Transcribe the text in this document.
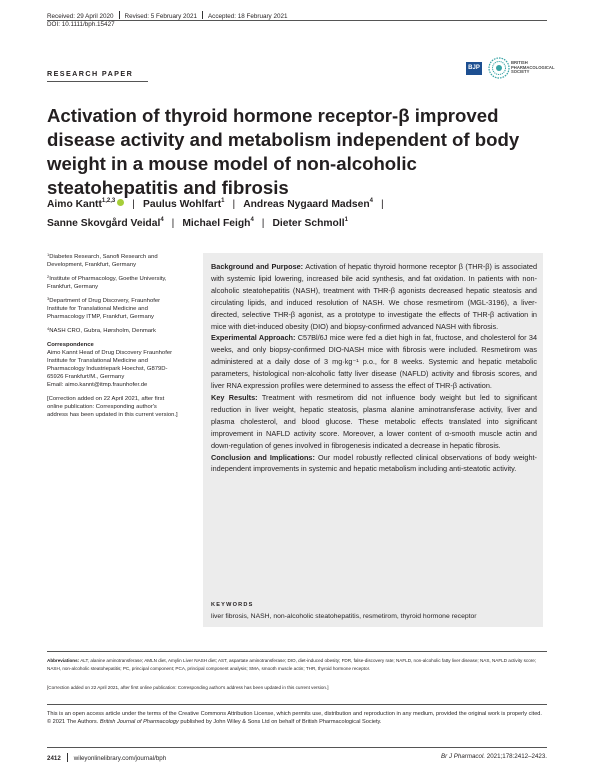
Received: 29 April 2020 Revised: 5 February 2021 Accepted: 18 February 2021
DOI: 10.1111/bph.15427
RESEARCH PAPER
BJP
BRITISH PHARMACOLOGICAL SOCIETY
Activation of thyroid hormone receptor-β improved disease activity and metabolism independent of body weight in a mouse model of non-alcoholic steatohepatitis and fibrosis
Aimo Kantt$^{1,2,3}$ | Paulus Wohlfart$^1$ | Andreas Nygaard Madsen$^4$ |
Sanne Skovgård Veidal$^4$ | Michael Feigh$^4$ | Dieter Schmoll$^1$

$^1$Diabetes Research, Sanofi Research and Development, Frankfurt, Germany

$^2$Institute of Pharmacology, Goethe University, Frankfurt, Germany

$^3$Department of Drug Discovery, Fraunhofer Institute for Translational Medicine and Pharmacology ITMP, Frankfurt, Germany

$^4$NASH CRO, Gubra, Hørsholm, Denmark

Correspondence

Aimo Kannt Head of Drug Discovery Fraunhofer Institute for Translational Medicine and Pharmacology Industriepark Hoechst, G879D-65926 Frankfurt/M., Germany

Email: aimo.kannt@itmp.fraunhofer.de

[Correction added on 22 April 2021, after first online publication: Corresponding author's address has been updated in this current version.]

Background and Purpose: Activation of hepatic thyroid hormone receptor β (THR-β) is associated with systemic lipid lowering, increased bile acid synthesis, and fat oxidation. In patients with non-alcoholic steatohepatitis (NASH), treatment with THR-β agonists decreased hepatic steatosis and circulating lipids, and induced resolution of NASH. We chose resmetirom (MGL-3196), a liver-directed, selective THR-β agonist, as a prototype to investigate the effects of THR-β activation in mice with diet-induced obesity (DIO) and biopsy-confirmed advanced NASH with fibrosis.

Experimental Approach: C57Bl/6J mice were fed a diet high in fat, fructose, and cholesterol for 34 weeks, and only biopsy-confirmed DIO-NASH mice with fibrosis were included. Resmetirom was administered at a daily dose of 3 mg·kg⁻¹ p.o., for 8 weeks. Systemic and hepatic metabolic parameters, histological non-alcoholic fatty liver disease (NAFLD) activity and fibrosis scores, and liver RNA expression profiles were determined to assess the effect of THR-β activation.

Key Results: Treatment with resmetirom did not influence body weight but led to significant reduction in liver weight, hepatic steatosis, plasma alanine aminotransferase activity, liver and plasma cholesterol, and blood glucose. These metabolic effects translated into significant improvement in NAFLD activity score. Moreover, a lower content of α-smooth muscle actin and down-regulation of genes involved in fibrogenesis indicated a decrease in hepatic fibrosis.

Conclusion and Implications: Our model robustly reflected clinical observations of body weight-independent improvements in systemic and hepatic metabolism including anti-steatotic activity.

KEYWORDS
liver fibrosis, NASH, non-alcoholic steatohepatitis, resmetirom, thyroid hormone receptor
Abbreviations: ALT, alanine aminotransferase; AMLN diet, Amylin Liver NASH diet; AST, aspartate aminotransferase; DIO, diet-induced obesity; FDR, false-discovery rate; NAFLD, non-alcoholic fatty liver disease; NAS, NAFLD activity score; NASH, non-alcoholic steatohepatitis; PC, principal component; PCA, principal component analysis; SMA, smooth muscle actin; THR, thyroid hormone receptor.
[Correction added on 22 April 2021, after first online publication: Corresponding author's address has been updated in this current version.]
This is an open access article under the terms of the Creative Commons Attribution License, which permits use, distribution and reproduction in any medium, provided the original work is properly cited.
© 2021 The Authors. British Journal of Pharmacology published by John Wiley & Sons Ltd on behalf of British Pharmacological Society.
2412 wileyonlinelibrary.com/journal/bph	Br J Pharmacol. 2021;178:2412–2423.
